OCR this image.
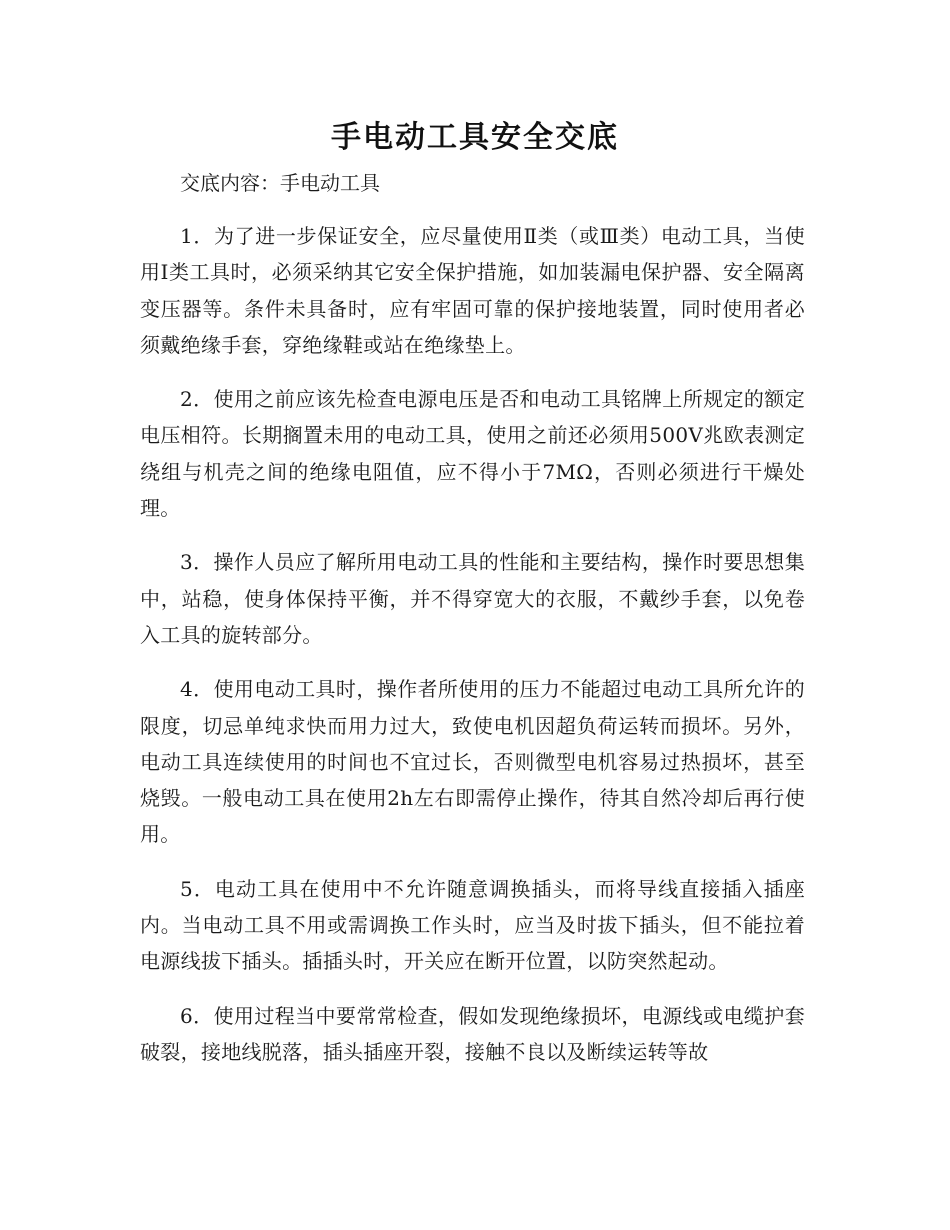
手电动工具安全交底

交底内容：手电动工具

1．为了进一步保证安全，应尽量使用Ⅱ类（或Ⅲ类）电动工具，当使用Ⅰ类工具时，必须采纳其它安全保护措施，如加装漏电保护器、安全隔离变压器等。条件未具备时，应有牢固可靠的保护接地装置，同时使用者必须戴绝缘手套，穿绝缘鞋或站在绝缘垫上。

2．使用之前应该先检查电源电压是否和电动工具铭牌上所规定的额定电压相符。长期搁置未用的电动工具，使用之前还必须用500V兆欧表测定绕组与机壳之间的绝缘电阻值，应不得小于7MΩ，否则必须进行干燥处理。

3．操作人员应了解所用电动工具的性能和主要结构，操作时要思想集中，站稳，使身体保持平衡，并不得穿宽大的衣服，不戴纱手套，以免卷入工具的旋转部分。

4．使用电动工具时，操作者所使用的压力不能超过电动工具所允许的限度，切忌单纯求快而用力过大，致使电机因超负荷运转而损坏。另外，电动工具连续使用的时间也不宜过长，否则微型电机容易过热损坏，甚至烧毁。一般电动工具在使用2h左右即需停止操作，待其自然冷却后再行使用。

5．电动工具在使用中不允许随意调换插头，而将导线直接插入插座内。当电动工具不用或需调换工作头时，应当及时拔下插头，但不能拉着电源线拔下插头。插插头时，开关应在断开位置，以防突然起动。

6．使用过程当中要常常检查，假如发现绝缘损坏，电源线或电缆护套破裂，接地线脱落，插头插座开裂，接触不良以及断续运转等故
